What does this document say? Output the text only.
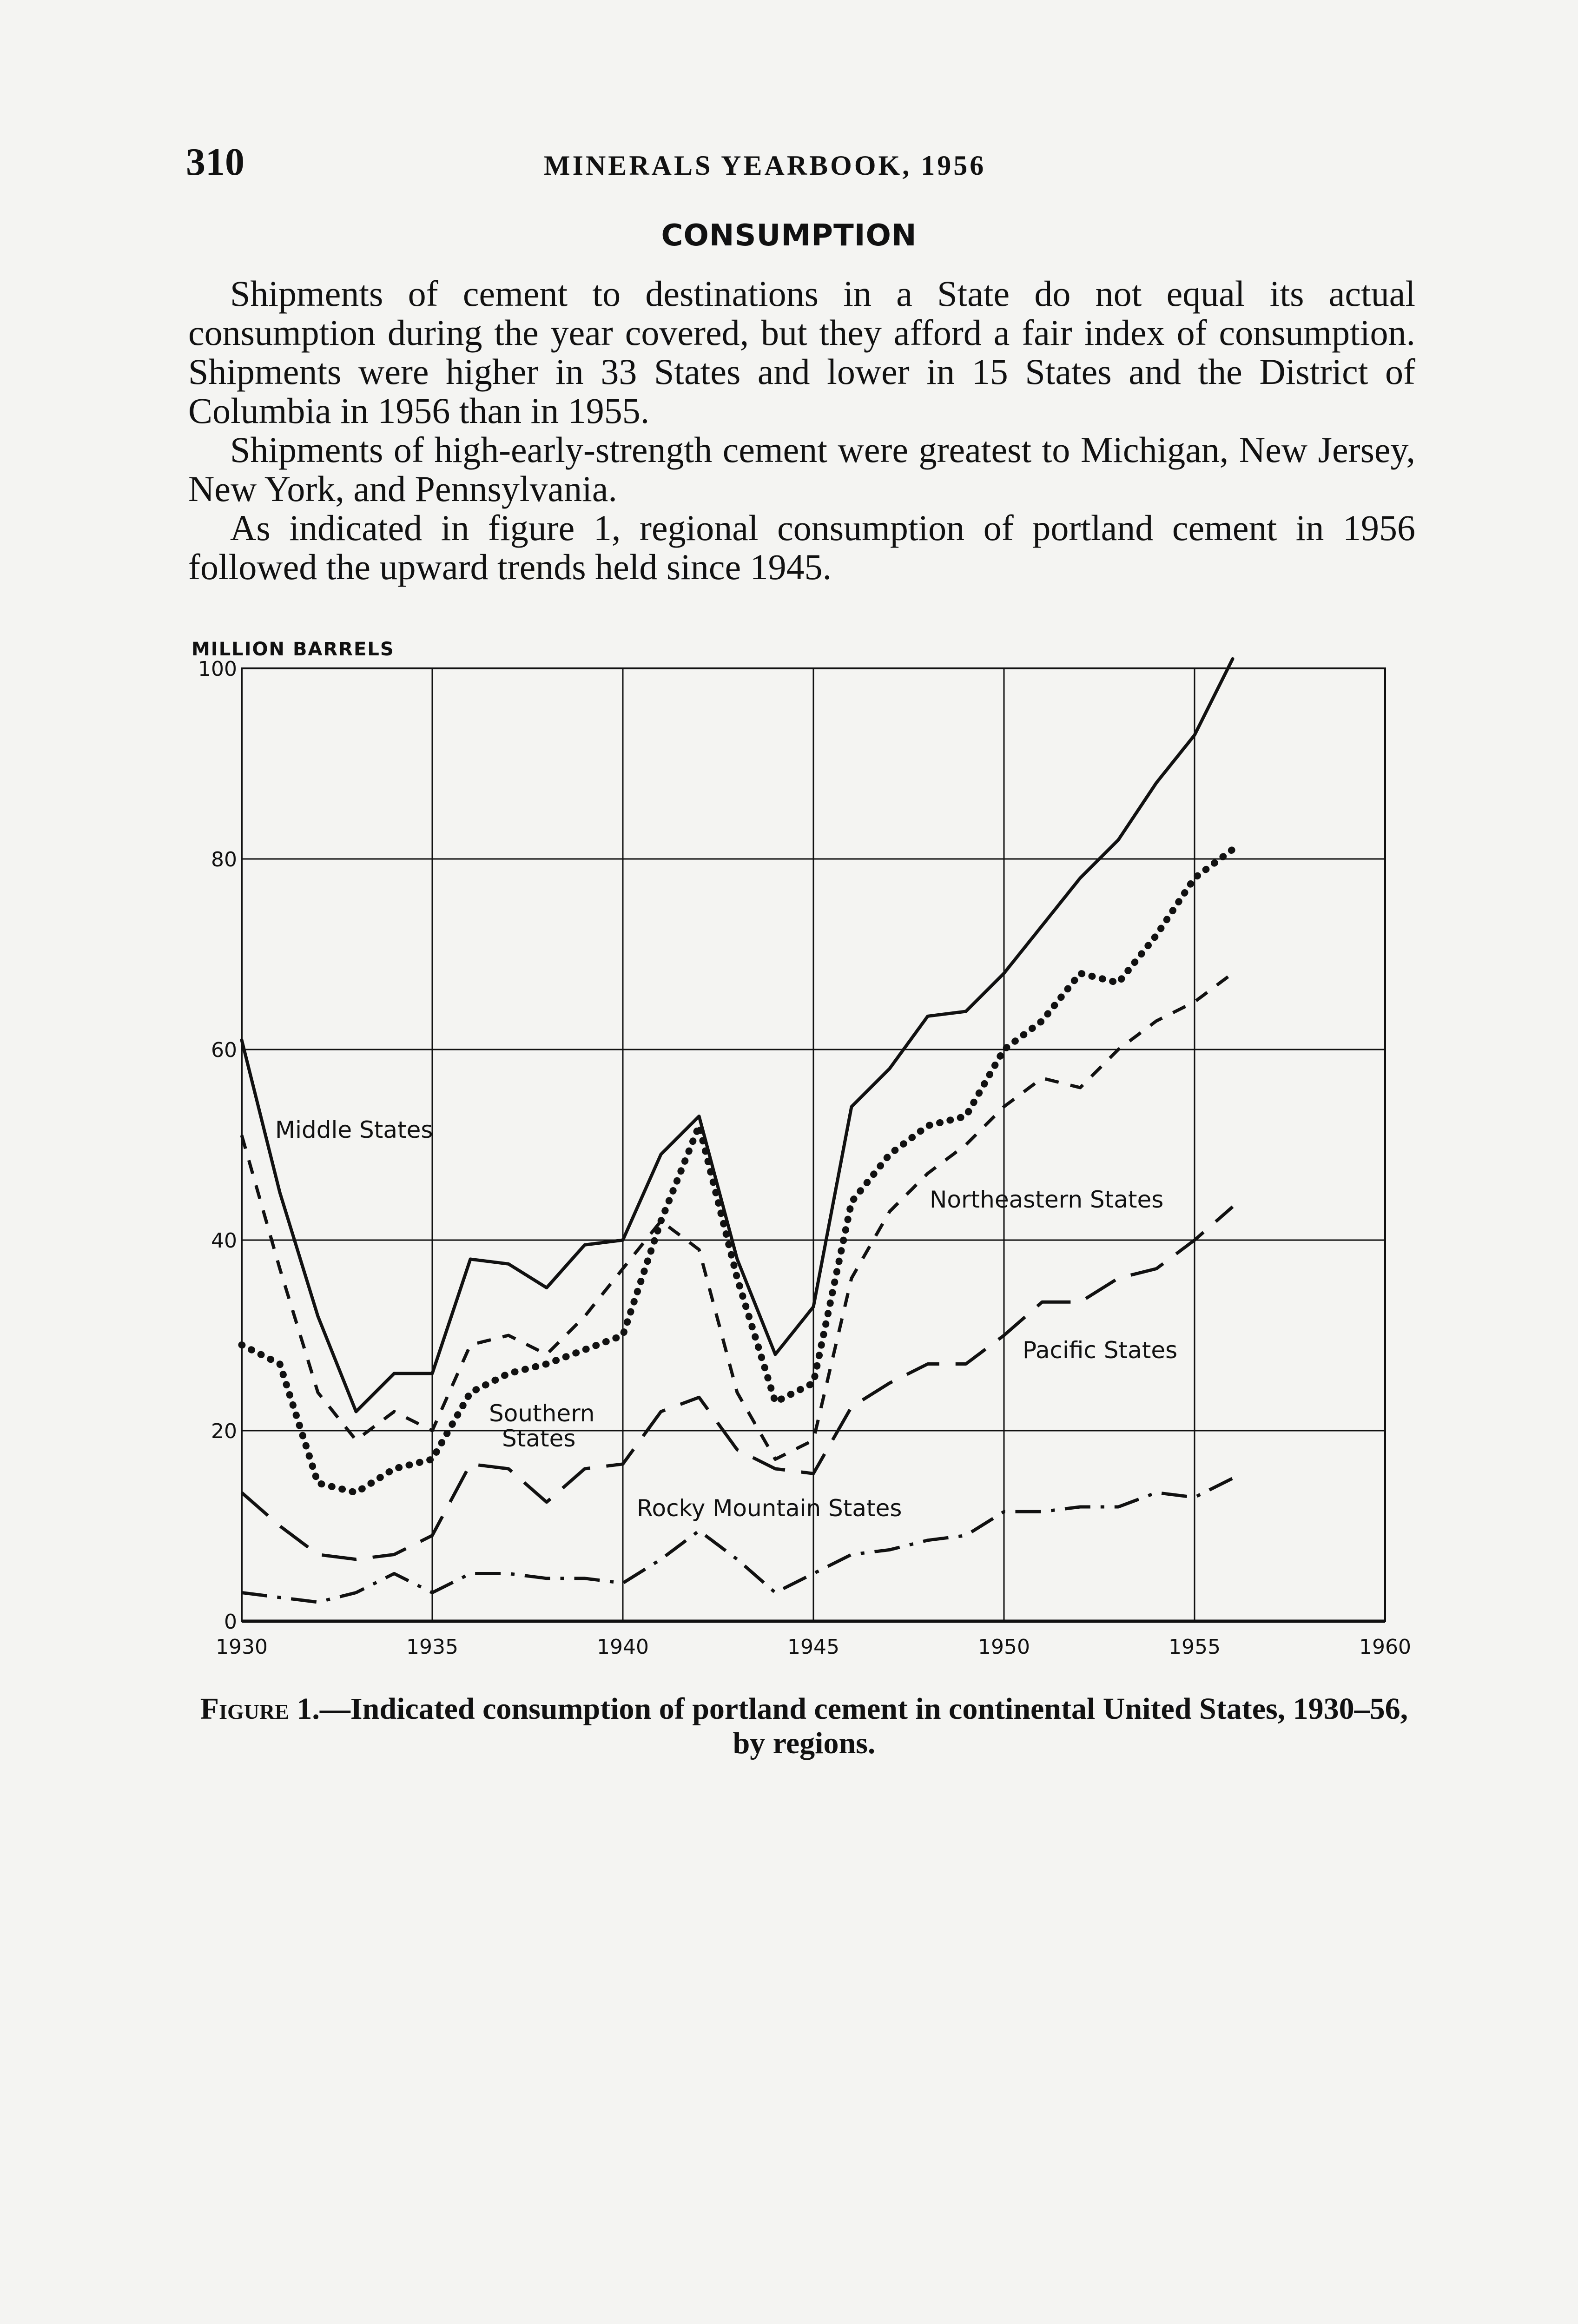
310	MINERALS YEARBOOK, 1956
CONSUMPTION

Shipments of cement to destinations in a State do not equal its actual consumption during the year covered, but they afford a fair index of consumption. Shipments were higher in 33 States and lower in 15 States and the District of Columbia in 1956 than in 1955.

Shipments of high-early-strength cement were greatest to Michigan, New Jersey, New York, and Pennsylvania.

As indicated in figure 1, regional consumption of portland cement in 1956 followed the upward trends held since 1945.

1930	1935	1940	1945	1950	1955	1960
0
20
40
60
80
100
MILLION BARRELS
Middle States
Northeastern States
Southern
States
Pacific States
Rocky Mountain States
Figure 1.—Indicated consumption of portland cement in continental United States, 1930–56, by regions.
